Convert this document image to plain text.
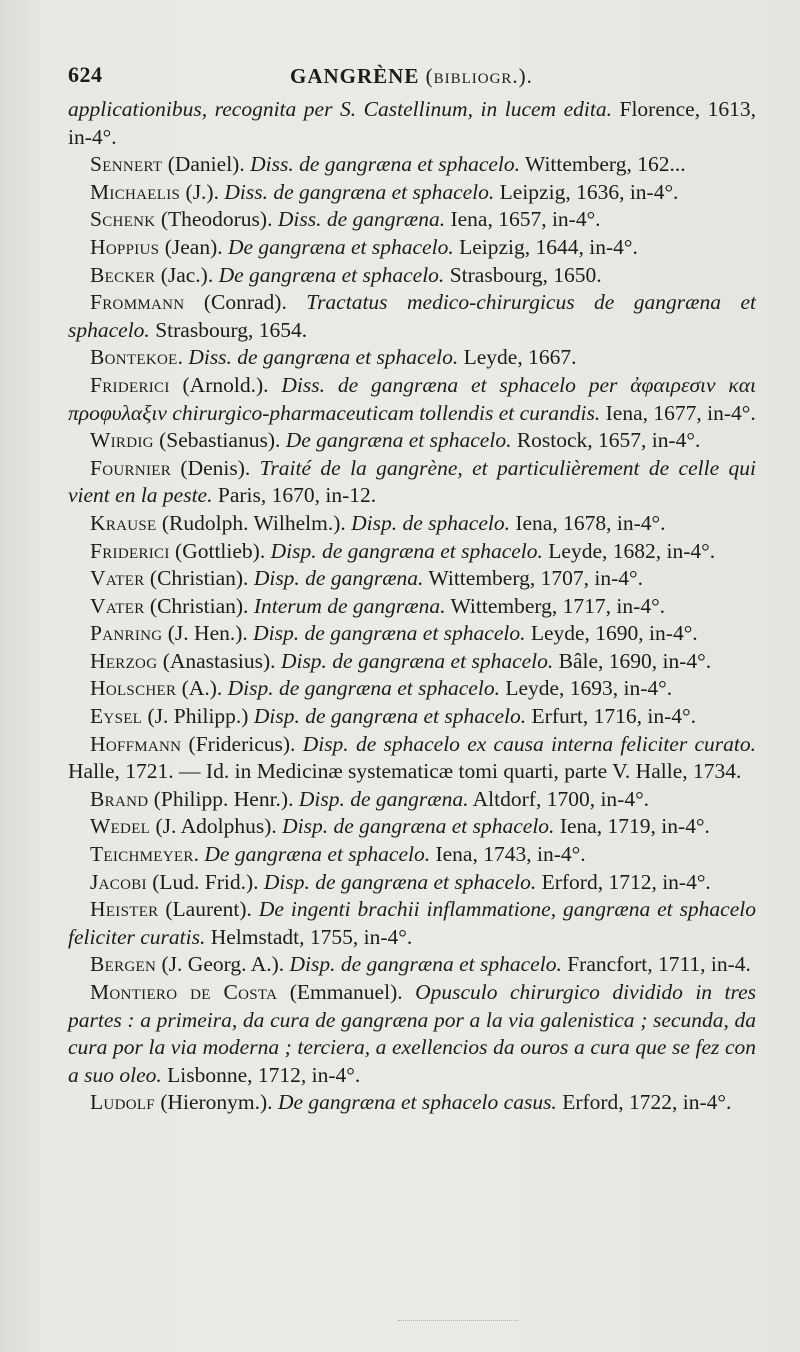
624	GANGRÈNE (bibliogr.).

applicationibus, recognita per S. Castellinum, in lucem edita. Florence, 1613, in-4°.

Sennert (Daniel). Diss. de gangræna et sphacelo. Wittemberg, 162...

Michaelis (J.). Diss. de gangræna et sphacelo. Leipzig, 1636, in-4°.

Schenk (Theodorus). Diss. de gangræna. Iena, 1657, in-4°.

Hoppius (Jean). De gangræna et sphacelo. Leipzig, 1644, in-4°.

Becker (Jac.). De gangræna et sphacelo. Strasbourg, 1650.

Frommann (Conrad). Tractatus medico-chirurgicus de gangræna et sphacelo. Strasbourg, 1654.

Bontekoe. Diss. de gangræna et sphacelo. Leyde, 1667.

Friderici (Arnold.). Diss. de gangræna et sphacelo per ἀφαιρεσιν και προφυλαξιν chirurgico-pharmaceuticam tollendis et curandis. Iena, 1677, in-4°.

Wirdig (Sebastianus). De gangræna et sphacelo. Rostock, 1657, in-4°.

Fournier (Denis). Traité de la gangrène, et particulièrement de celle qui vient en la peste. Paris, 1670, in-12.

Krause (Rudolph. Wilhelm.). Disp. de sphacelo. Iena, 1678, in-4°.

Friderici (Gottlieb). Disp. de gangræna et sphacelo. Leyde, 1682, in-4°.

Vater (Christian). Disp. de gangræna. Wittemberg, 1707, in-4°.

Vater (Christian). Interum de gangræna. Wittemberg, 1717, in-4°.

Panring (J. Hen.). Disp. de gangræna et sphacelo. Leyde, 1690, in-4°.

Herzog (Anastasius). Disp. de gangræna et sphacelo. Bâle, 1690, in-4°.

Holscher (A.). Disp. de gangræna et sphacelo. Leyde, 1693, in-4°.

Eysel (J. Philipp.) Disp. de gangræna et sphacelo. Erfurt, 1716, in-4°.

Hoffmann (Fridericus). Disp. de sphacelo ex causa interna feliciter curato. Halle, 1721. — Id. in Medicinæ systematicæ tomi quarti, parte V. Halle, 1734.

Brand (Philipp. Henr.). Disp. de gangræna. Altdorf, 1700, in-4°.

Wedel (J. Adolphus). Disp. de gangræna et sphacelo. Iena, 1719, in-4°.

Teichmeyer. De gangræna et sphacelo. Iena, 1743, in-4°.

Jacobi (Lud. Frid.). Disp. de gangræna et sphacelo. Erford, 1712, in-4°.

Heister (Laurent). De ingenti brachii inflammatione, gangræna et sphacelo feliciter curatis. Helmstadt, 1755, in-4°.

Bergen (J. Georg. A.). Disp. de gangræna et sphacelo. Francfort, 1711, in-4.

Montiero de Costa (Emmanuel). Opusculo chirurgico dividido in tres partes : a primeira, da cura de gangræna por a la via galenistica ; secunda, da cura por la via moderna ; terciera, a exellencios da ouros a cura que se fez con a suo oleo. Lisbonne, 1712, in-4°.

Ludolf (Hieronym.). De gangræna et sphacelo casus. Erford, 1722, in-4°.
